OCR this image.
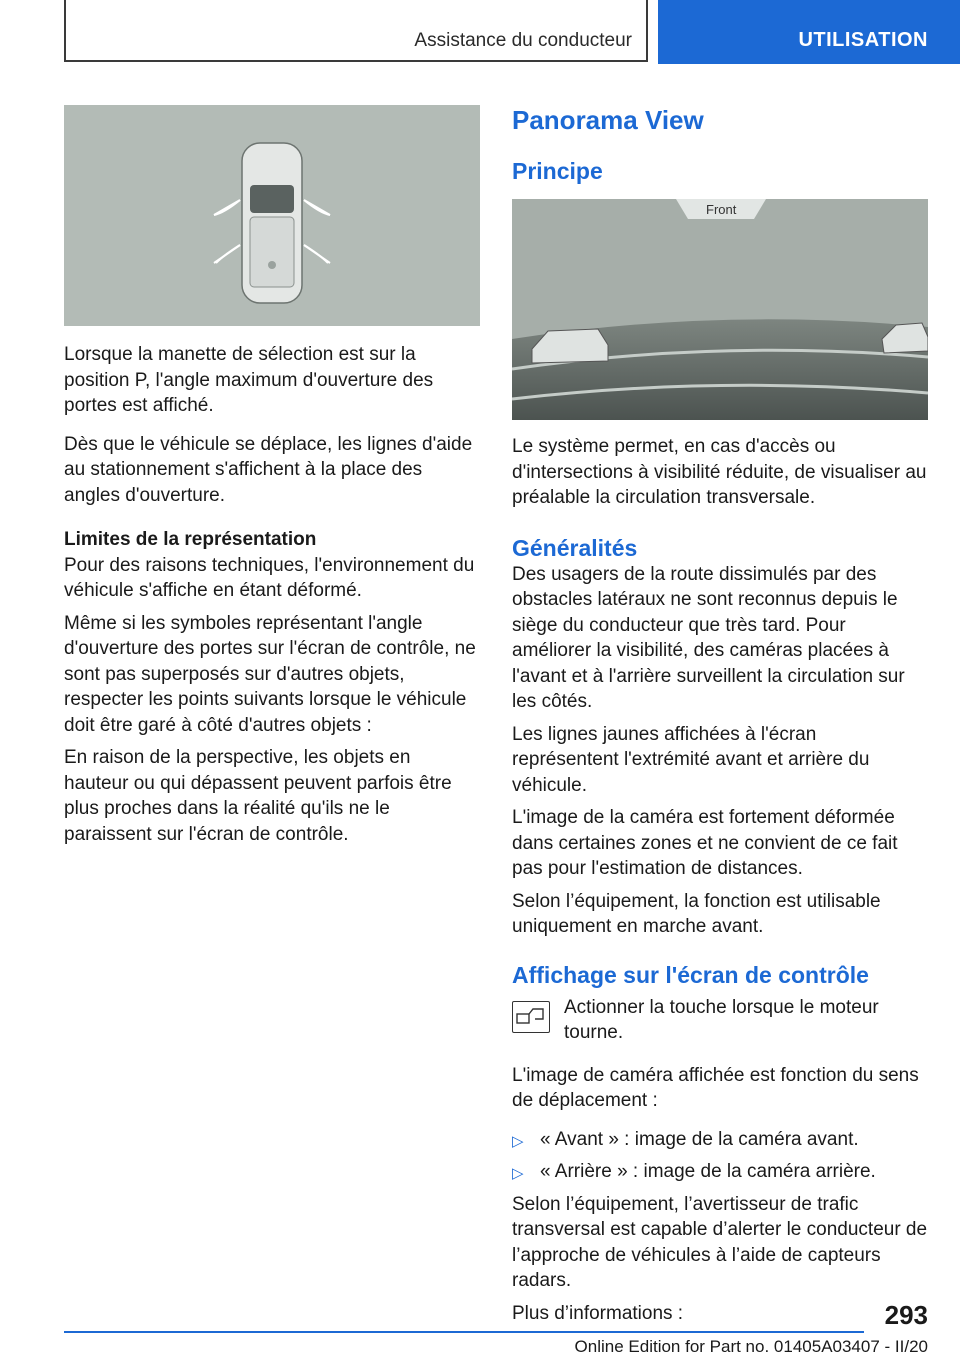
Assistance du conducteur	UTILISATION

Lorsque la manette de sélection est sur la position P, l'angle maximum d'ouverture des portes est affiché.

Dès que le véhicule se déplace, les lignes d'aide au stationnement s'affichent à la place des angles d'ouverture.

Limites de la représentation

Pour des raisons techniques, l'environnement du véhicule s'affiche en étant déformé.

Même si les symboles représentant l'angle d'ouverture des portes sur l'écran de contrôle, ne sont pas superposés sur d'autres objets, respecter les points suivants lorsque le véhicule doit être garé à côté d'autres objets :

En raison de la perspective, les objets en hauteur ou qui dépassent peuvent parfois être plus proches dans la réalité qu'ils ne le paraissent sur l'écran de contrôle.

Panorama View
Principe
Front

Le système permet, en cas d'accès ou d'intersections à visibilité réduite, de visualiser au préalable la circulation transversale.

Généralités

Des usagers de la route dissimulés par des obstacles latéraux ne sont reconnus depuis le siège du conducteur que très tard. Pour améliorer la visibilité, des caméras placées à l'avant et à l'arrière surveillent la circulation sur les côtés.

Les lignes jaunes affichées à l'écran représentent l'extrémité avant et arrière du véhicule.

L'image de la caméra est fortement déformée dans certaines zones et ne convient de ce fait pas pour l'estimation de distances.

Selon l’équipement, la fonction est utilisable uniquement en marche avant.

Affichage sur l'écran de contrôle

Actionner la touche lorsque le moteur tourne.

L'image de caméra affichée est fonction du sens de déplacement :

▷ « Avant » : image de la caméra avant.
▷ « Arrière » : image de la caméra arrière.

Selon l’équipement, l’avertisseur de trafic transversal est capable d’alerter le conducteur de l’approche de véhicules à l’aide de capteurs radars.

Plus d’informations :	293
Online Edition for Part no. 01405A03407 - II/20
